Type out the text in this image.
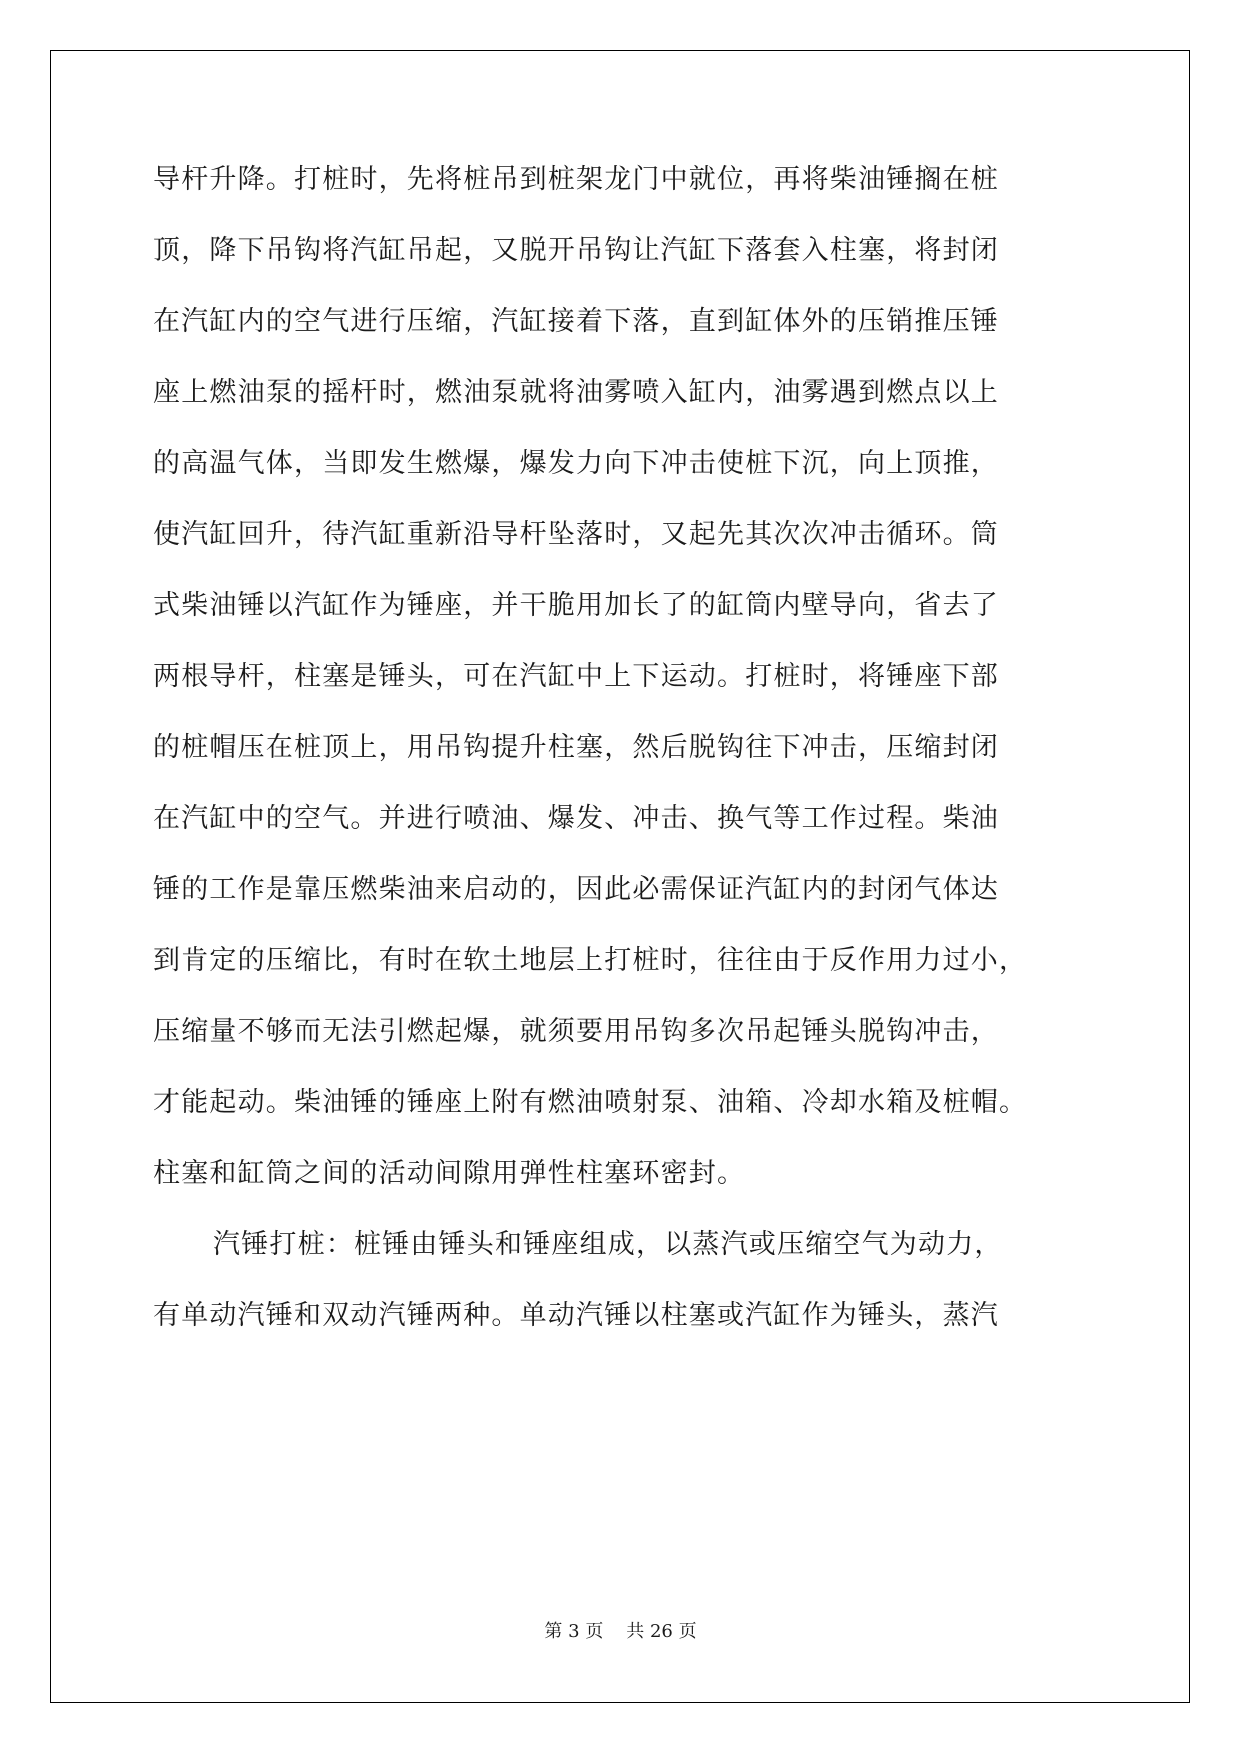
导杆升降。打桩时，先将桩吊到桩架龙门中就位，再将柴油锤搁在桩
顶，降下吊钩将汽缸吊起，又脱开吊钩让汽缸下落套入柱塞，将封闭
在汽缸内的空气进行压缩，汽缸接着下落，直到缸体外的压销推压锤
座上燃油泵的摇杆时，燃油泵就将油雾喷入缸内，油雾遇到燃点以上
的高温气体，当即发生燃爆，爆发力向下冲击使桩下沉，向上顶推，
使汽缸回升，待汽缸重新沿导杆坠落时，又起先其次次冲击循环。筒
式柴油锤以汽缸作为锤座，并干脆用加长了的缸筒内壁导向，省去了
两根导杆，柱塞是锤头，可在汽缸中上下运动。打桩时，将锤座下部
的桩帽压在桩顶上，用吊钩提升柱塞，然后脱钩往下冲击，压缩封闭
在汽缸中的空气。并进行喷油、爆发、冲击、换气等工作过程。柴油
锤的工作是靠压燃柴油来启动的，因此必需保证汽缸内的封闭气体达
到肯定的压缩比，有时在软土地层上打桩时，往往由于反作用力过小，
压缩量不够而无法引燃起爆，就须要用吊钩多次吊起锤头脱钩冲击，
才能起动。柴油锤的锤座上附有燃油喷射泵、油箱、冷却水箱及桩帽。
柱塞和缸筒之间的活动间隙用弹性柱塞环密封。
汽锤打桩：桩锤由锤头和锤座组成，以蒸汽或压缩空气为动力，
有单动汽锤和双动汽锤两种。单动汽锤以柱塞或汽缸作为锤头，蒸汽
第 3 页 共 26 页
